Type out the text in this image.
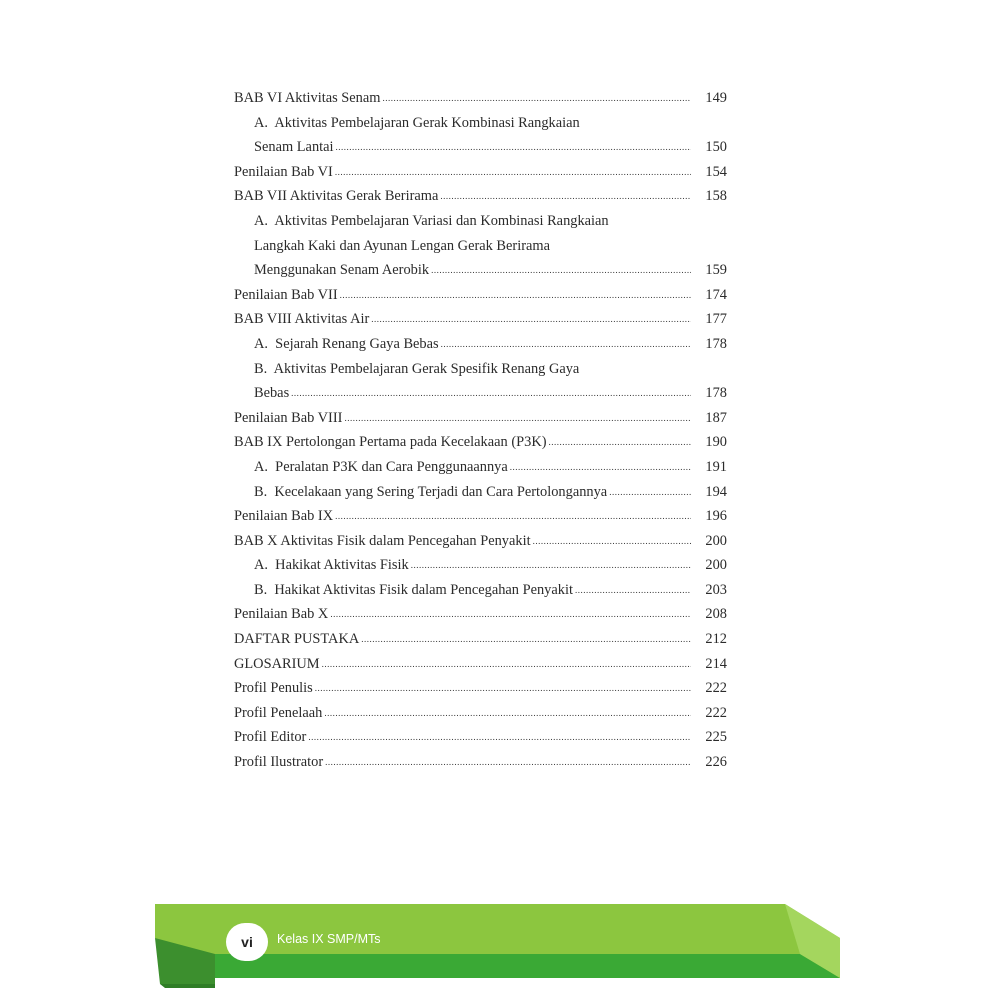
BAB VI Aktivitas Senam .....	149
A.  Aktivitas Pembelajaran Gerak Kombinasi Rangkaian
Senam Lantai .....	150
Penilaian Bab VI .....	154
BAB VII Aktivitas Gerak Berirama .....	158
A.  Aktivitas Pembelajaran Variasi dan Kombinasi Rangkaian
Langkah Kaki dan Ayunan Lengan Gerak Berirama
Menggunakan Senam Aerobik .....	159
Penilaian Bab VII .....	174
BAB VIII Aktivitas Air .....	177
A.  Sejarah Renang Gaya Bebas .....	178
B.  Aktivitas Pembelajaran Gerak Spesifik Renang Gaya
Bebas .....	178
Penilaian Bab VIII .....	187
BAB IX Pertolongan Pertama pada Kecelakaan (P3K) .....	190
A.  Peralatan P3K dan Cara Penggunaannya .....	191
B.  Kecelakaan yang Sering Terjadi dan Cara Pertolongannya .....	194
Penilaian Bab IX .....	196
BAB X Aktivitas Fisik dalam Pencegahan Penyakit .....	200
A.  Hakikat Aktivitas Fisik .....	200
B.  Hakikat Aktivitas Fisik dalam Pencegahan Penyakit .....	203
Penilaian Bab X .....	208
DAFTAR PUSTAKA .....	212
GLOSARIUM .....	214
Profil Penulis .....	222
Profil Penelaah .....	222
Profil Editor .....	225
Profil Ilustrator .....	226
vi	Kelas IX SMP/MTs
